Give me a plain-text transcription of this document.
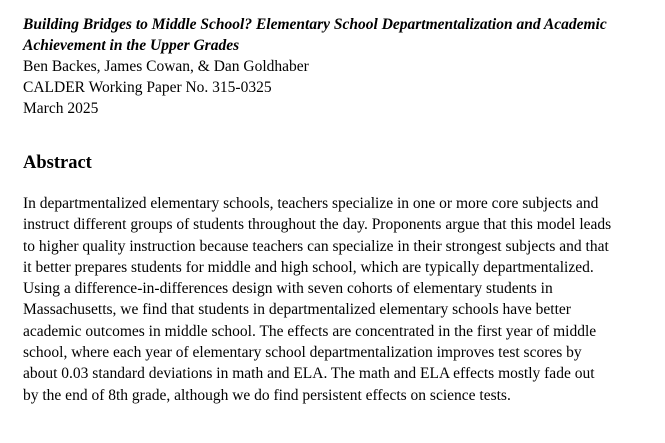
Building Bridges to Middle School? Elementary School Departmentalization and Academic

Achievement in the Upper Grades

Ben Backes, James Cowan, & Dan Goldhaber

CALDER Working Paper No. 315-0325

March 2025

Abstract

In departmentalized elementary schools, teachers specialize in one or more core subjects and
instruct different groups of students throughout the day. Proponents argue that this model leads
to higher quality instruction because teachers can specialize in their strongest subjects and that
it better prepares students for middle and high school, which are typically departmentalized.
Using a difference-in-differences design with seven cohorts of elementary students in
Massachusetts, we find that students in departmentalized elementary schools have better
academic outcomes in middle school. The effects are concentrated in the first year of middle
school, where each year of elementary school departmentalization improves test scores by
about 0.03 standard deviations in math and ELA. The math and ELA effects mostly fade out
by the end of 8th grade, although we do find persistent effects on science tests.
